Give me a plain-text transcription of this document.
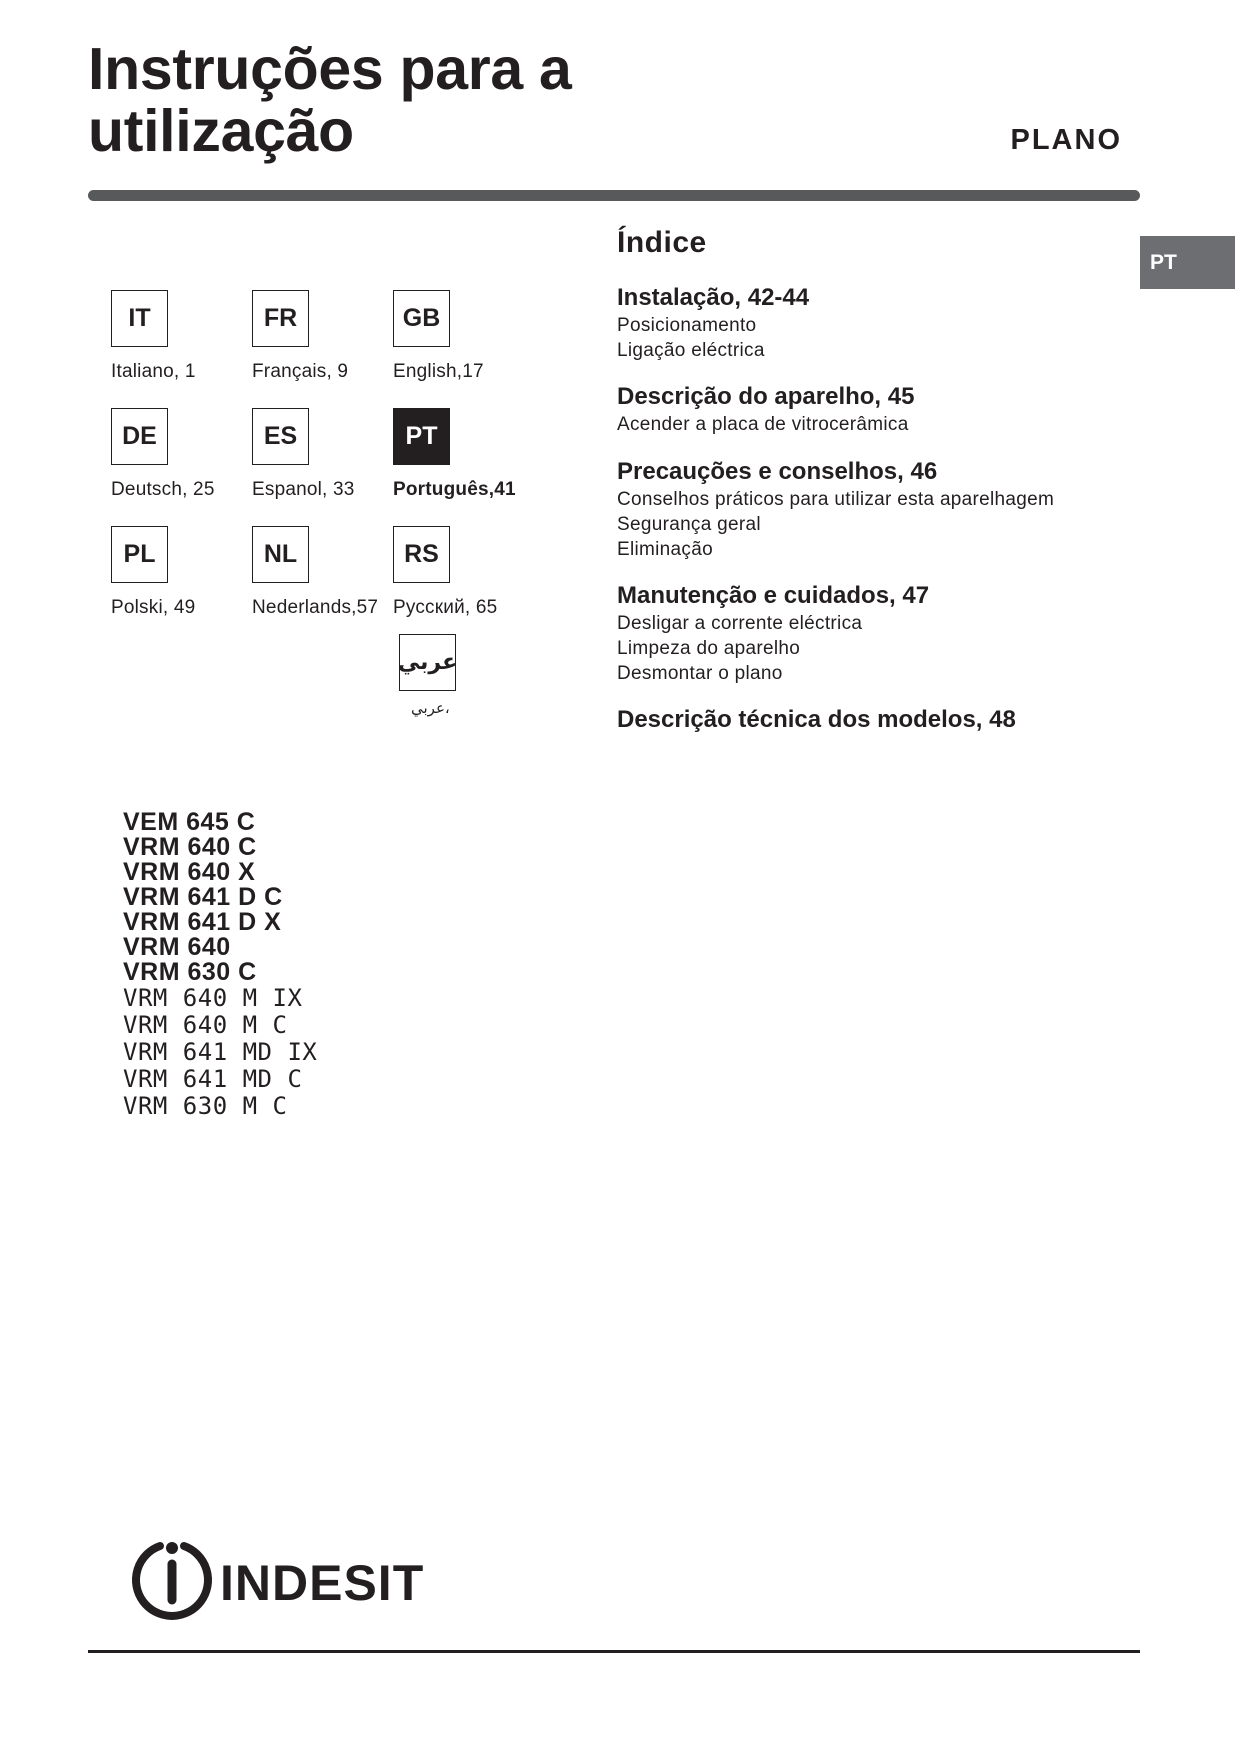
Instruções para a
utilização	PLANO
PT
IT
Italiano, 1
FR
Français, 9
GB
English,17
DE
Deutsch, 25
ES
Espanol, 33
PT
Português,41
PL
Polski, 49
NL
Nederlands,57
RS
Русский, 65
عربي
عربي،
Índice
Instalação, 42-44
Posicionamento
Ligação eléctrica
Descrição do aparelho, 45
Acender a placa de vitrocerâmica
Precauções e conselhos, 46
Conselhos práticos para utilizar esta aparelhagem
Segurança geral
Eliminação
Manutenção e cuidados, 47
Desligar a corrente eléctrica
Limpeza do aparelho
Desmontar o plano
Descrição técnica dos modelos, 48
VEM 645 C
VRM 640 C
VRM 640 X
VRM 641 D C
VRM 641 D X
VRM 640
VRM 630 C
VRM 640 M IX
VRM 640 M C
VRM 641 MD IX
VRM 641 MD C
VRM 630 M C
INDESIT
